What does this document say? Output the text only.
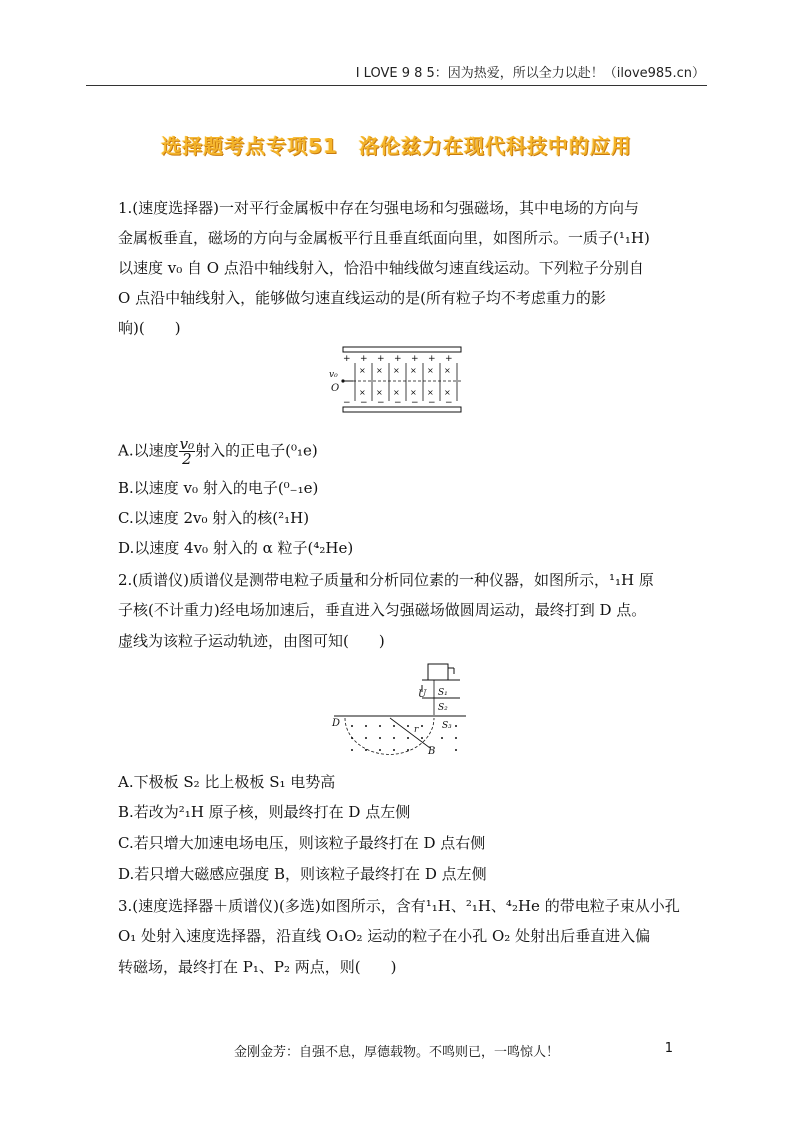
I LOVE 9 8 5：因为热爱，所以全力以赴！（ilove985.cn）
选择题考点专项51　洛伦兹力在现代科技中的应用
1.(速度选择器)一对平行金属板中存在匀强电场和匀强磁场，其中电场的方向与
金属板垂直，磁场的方向与金属板平行且垂直纸面向里，如图所示。一质子(¹₁H)
以速度 v₀ 自 O 点沿中轴线射入，恰沿中轴线做匀速直线运动。下列粒子分别自
O 点沿中轴线射入，能够做匀速直线运动的是(所有粒子均不考虑重力的影
响)(　　)
+ + + + + + +
− − − − − − −
× × × × × ×
× × × × × ×
v₀
O
A.以速度 $\frac{\text{v₀}}{2}$ 射入的正电子(⁰₁e)
B.以速度 v₀ 射入的电子(⁰₋₁e)
C.以速度 2v₀ 射入的核(²₁H)
D.以速度 4v₀ 射入的 α 粒子(⁴₂He)
2.(质谱仪)质谱仪是测带电粒子质量和分析同位素的一种仪器，如图所示，¹₁H 原
子核(不计重力)经电场加速后，垂直进入匀强磁场做圆周运动，最终打到 D 点。
虚线为该粒子运动轨迹，由图可知(　　)
U S₁
S₂
D	S₃
r
B
A.下极板 S₂ 比上极板 S₁ 电势高
B.若改为²₁H 原子核，则最终打在 D 点左侧
C.若只增大加速电场电压，则该粒子最终打在 D 点右侧
D.若只增大磁感应强度 B，则该粒子最终打在 D 点左侧
3.(速度选择器＋质谱仪)(多选)如图所示，含有¹₁H、²₁H、⁴₂He 的带电粒子束从小孔
O₁ 处射入速度选择器，沿直线 O₁O₂ 运动的粒子在小孔 O₂ 处射出后垂直进入偏
转磁场，最终打在 P₁、P₂ 两点，则(　　)
金刚金芳：自强不息，厚德载物。不鸣则已，一鸣惊人！	1
